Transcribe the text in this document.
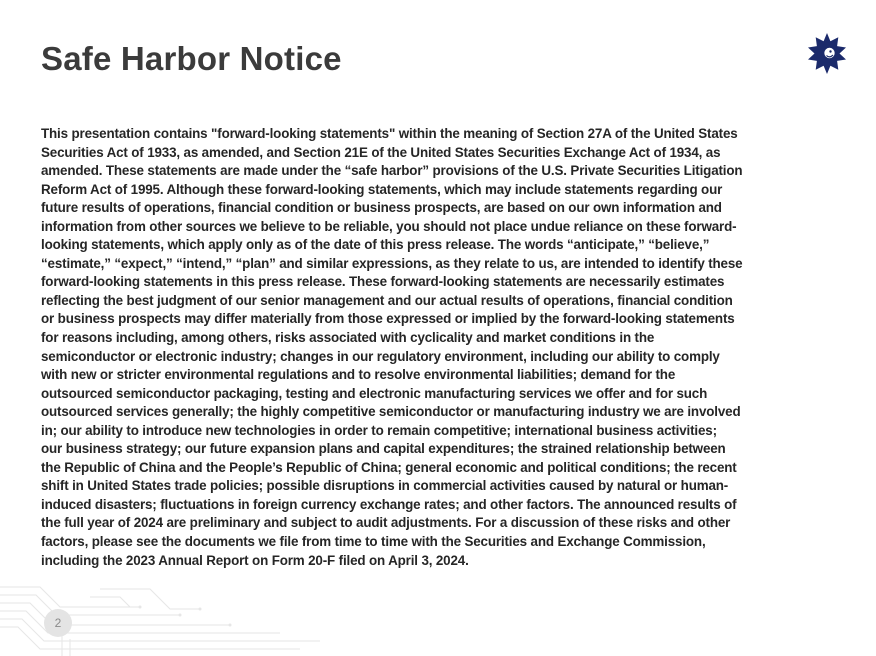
Safe Harbor Notice
This presentation contains "forward-looking statements" within the meaning of Section 27A of the United States
Securities Act of 1933, as amended, and Section 21E of the United States Securities Exchange Act of 1934, as
amended. These statements are made under the “safe harbor” provisions of the U.S. Private Securities Litigation
Reform Act of 1995. Although these forward-looking statements, which may include statements regarding our
future results of operations, financial condition or business prospects, are based on our own information and
information from other sources we believe to be reliable, you should not place undue reliance on these forward-
looking statements, which apply only as of the date of this press release. The words “anticipate,” “believe,”
“estimate,” “expect,” “intend,” “plan” and similar expressions, as they relate to us, are intended to identify these
forward-looking statements in this press release. These forward-looking statements are necessarily estimates
reflecting the best judgment of our senior management and our actual results of operations, financial condition
or business prospects may differ materially from those expressed or implied by the forward-looking statements
for reasons including, among others, risks associated with cyclicality and market conditions in the
semiconductor or electronic industry; changes in our regulatory environment, including our ability to comply
with new or stricter environmental regulations and to resolve environmental liabilities; demand for the
outsourced semiconductor packaging, testing and electronic manufacturing services we offer and for such
outsourced services generally; the highly competitive semiconductor or manufacturing industry we are involved
in; our ability to introduce new technologies in order to remain competitive; international business activities;
our business strategy; our future expansion plans and capital expenditures; the strained relationship between
the Republic of China and the People’s Republic of China; general economic and political conditions; the recent
shift in United States trade policies; possible disruptions in commercial activities caused by natural or human-
induced disasters; fluctuations in foreign currency exchange rates; and other factors. The announced results of
the full year of 2024 are preliminary and subject to audit adjustments. For a discussion of these risks and other
factors, please see the documents we file from time to time with the Securities and Exchange Commission,
including the 2023 Annual Report on Form 20-F filed on April 3, 2024.
2
